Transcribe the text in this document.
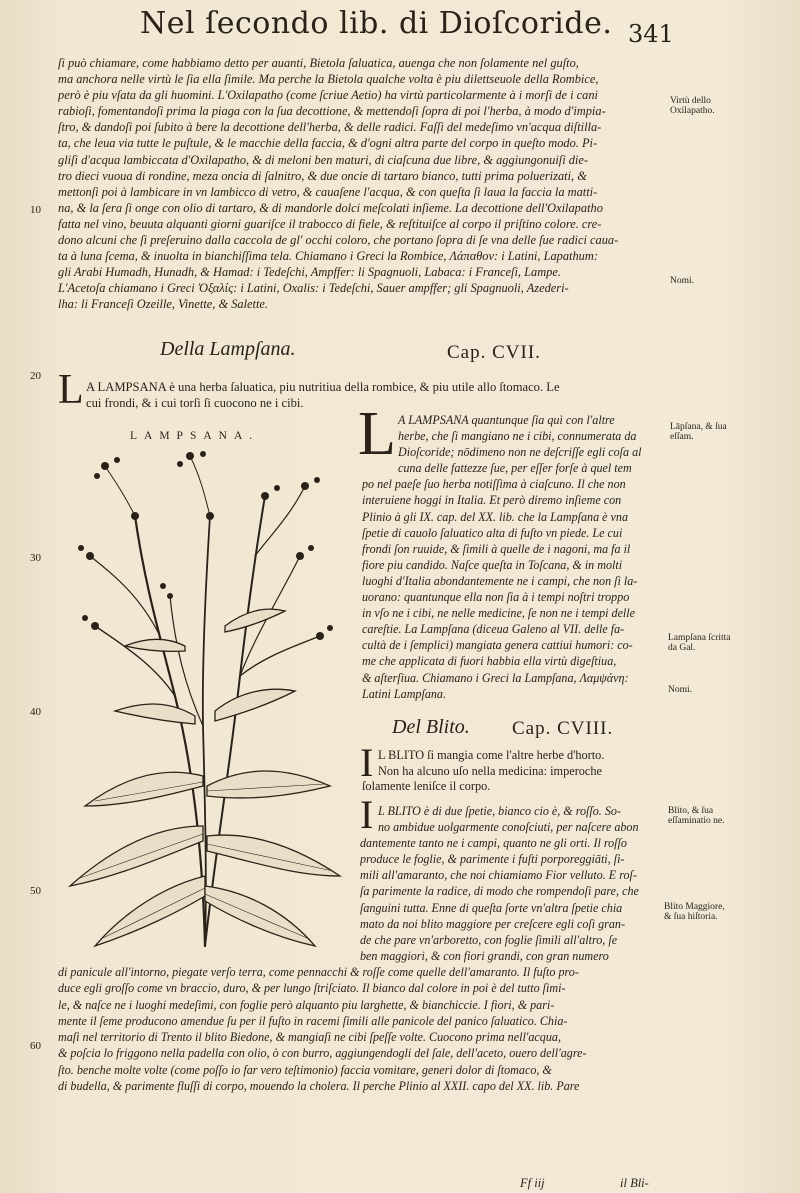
Nel ſecondo lib. di Dioſcoride. 341
ſi può chiamare, come habbiamo detto per auanti, Bietola ſaluatica, auenga che non ſolamente nel guſto,
ma anchora nelle virtù le ſia ella ſimile. Ma perche la Bietola qualche volta è piu dilettseuole della Rombice,
però è piu vſata da gli huomini. L'Oxilapatho (come ſcriue Aetio) ha virtù particolarmente à i morſi de i cani
rabioſi, fomentandoſi prima la piaga con la ſua decottione, & mettendoſi ſopra di poi l'herba, à modo d'impia-
ſtro, & dandoſi poi ſubito à bere la decottione dell'herba, & delle radici. Faſſi del medeſimo vn'acqua diſtilla-
ta, che leua via tutte le puſtule, & le macchie della faccia, & d'ogni altra parte del corpo in queſto modo. Pi-
gliſi d'acqua lambiccata d'Oxilapatho, & di meloni ben maturi, di ciaſcuna due libre, & aggiungonuiſi die-
tro dieci vuoua di rondine, meza oncia di ſalnitro, & due oncie di tartaro bianco, tutti prima poluerizati, &
mettonſi poi à lambicare in vn lambicco di vetro, & cauaſene l'acqua, & con queſta ſi laua la faccia la matti-
na, & la ſera ſi onge con olio di tartaro, & di mandorle dolci meſcolati inſieme. La decottione dell'Oxilapatho
fatta nel vino, beuuta alquanti giorni guariſce il trabocco di fiele, & reſtituiſce al corpo il priſtino colore. cre-
dono alcuni che ſi preſeruino dalla caccola de gl' occhi coloro, che portano ſopra di ſe vna delle ſue radici caua-
ta à luna ſcema, & inuolta in bianchiſſima tela. Chiamano i Greci la Rombice, Λάπαθον: i Latini, Lapathum:
gli Arabi Humadh, Hunadh, & Hamad: i Tedeſchi, Ampffer: li Spagnuoli, Labaca: i Franceſi, Lampe.
L'Acetoſa chiamano i Greci Ὀξαλίς: i Latini, Oxalis: i Tedeſchi, Sauer ampffer; gli Spagnuoli, Azederi-
lha: li Franceſi Ozeille, Vinette, & Salette.
Virtù dello Oxilapatho.
Nomi.
Lāpſana, & ſua eſſam.
Lampſana ſcritta da Gal.
Nomi.
Blito, & ſua eſſaminatio ne.
Blito Maggiore, & ſua hiſtoria.
10
20
30
40
50
60
Della Lampſana.	Cap. CVII.
L A LAMPSANA è una herba ſaluatica, piu nutritiua della rombice, & piu utile allo ſtomaco. Le
cui frondi, & i cui torſi ſi cuocono ne i cibi.
LAMPSANA. L A LAMPSANA quantunque ſia quì con l'altre
herbe, che ſi mangiano ne i cibi, connumerata da
Dioſcoride; nōdimeno non ne deſcriſſe egli coſa al
cuna delle fattezze ſue, per eſſer forſe à quel tem
po nel paeſe ſuo herba notiſſima à ciaſcuno. Il che non
interuiene hoggi in Italia. Et però diremo inſieme con
Plinio à gli IX. cap. del XX. lib. che la Lampſana è vna
ſpetie di cauolo ſaluatico alta di fuſto vn piede. Le cui
frondi ſon ruuide, & ſimili à quelle de i nagoni, ma fa il
fiore piu candido. Naſce queſta in Toſcana, & in molti
luoghi d'Italia abondantemente ne i campi, che non ſi la-
uorano: quantunque ella non ſia à i tempi noſtri troppo
in vſo ne i cibi, ne nelle medicine, ſe non ne i tempi delle
careſtie. La Lampſana (diceua Galeno al VII. delle fa-
cultà de i ſemplici) mangiata genera cattiui humori: co-
me che applicata di fuori habbia ella virtù digeſtiua,
& aſterſiua. Chiamano i Greci la Lampſana, Λαμψάνη:
Latini Lampſana.
Del Blito. Cap. CVIII.
I L BLITO ſi mangia come l'altre herbe d'horto.
Non ha alcuno uſo nella medicina: imperoche
ſolamente leniſce il corpo.
I L BLITO è di due ſpetie, bianco cio è, & roſſo. So-
no ambidue uolgarmente conoſciuti, per naſcere abon
dantemente tanto ne i campi, quanto ne gli orti. Il roſſo
produce le foglie, & parimente i fuſti porporeggiāti, ſi-
mili all'amaranto, che noi chiamiamo Fior velluto. E roſ-
ſa parimente la radice, di modo che rompendoſi pare, che
ſanguini tutta. Enne di queſta ſorte vn'altra ſpetie chia
mato da noi blito maggiore per creſcere egli coſi gran-
de che pare vn'arboretto, con foglie ſimili all'altro, ſe
ben maggiori, & con fiori grandi, con gran numero
di panicule all'intorno, piegate verſo terra, come pennacchi & roſſe come quelle dell'amaranto. Il fuſto pro-
duce egli groſſo come vn braccio, duro, & per lungo ſtriſciato. Il bianco dal colore in poi è del tutto ſimi-
le, & naſce ne i luoghi medeſimi, con foglie però alquanto piu larghette, & bianchiccie. I fiori, & pari-
mente il ſeme producono amendue ſu per il fuſto in racemi ſimili alle panicole del panico ſaluatico. Chia-
maſi nel territorio di Trento il blito Biedone, & mangiaſi ne cibi ſpeſſe volte. Cuocono prima nell'acqua,
& poſcia lo friggono nella padella con olio, ò con burro, aggiungendogli del ſale, dell'aceto, ouero dell'agre-
ſto. benche molte volte (come poſſo io far vero teſtimonio) faccia vomitare, generi dolor di ſtomaco, &
di budella, & parimente fluſſi di corpo, mouendo la cholera. Il perche Plinio al XXII. capo del XX. lib. Pare
Ff iij	il Bli-
